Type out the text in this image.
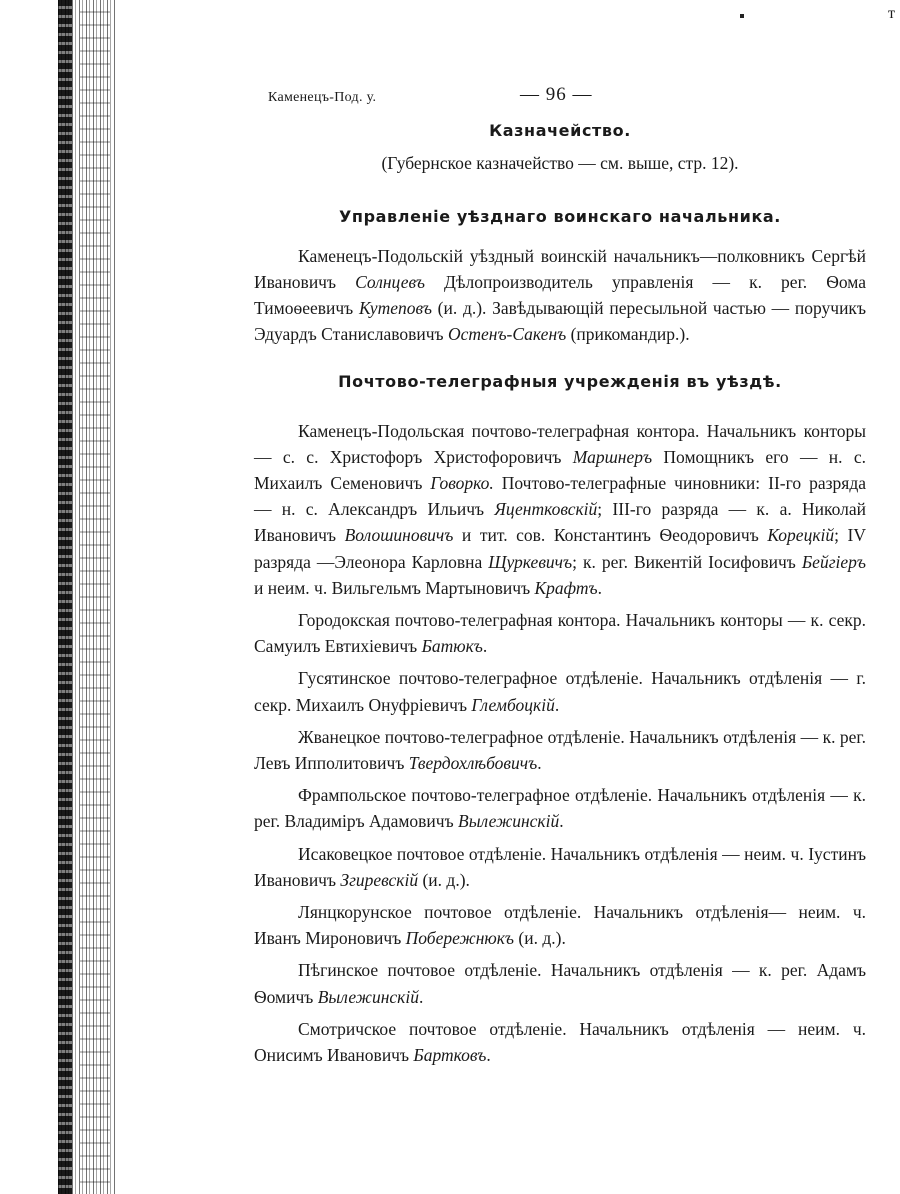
т
Каменецъ-Под. у.	— 96 —

Казначейство.

(Губернское казначейство — см. выше, стр. 12).

Управленіе уѣзднаго воинскаго начальника.

Каменецъ-Подольскій уѣздный воинскій начальникъ—полковникъ Сергѣй Ивановичъ Солнцевъ Дѣлопроизводитель управленія — к. рег. Ѳома Тимоѳеевичъ Кутеповъ (и. д.). Завѣдывающій пересыльной частью — поручикъ Эдуардъ Станиславовичъ Остенъ-Сакенъ (прикомандир.).

Почтово-телеграфныя учрежденія въ уѣздѣ.

Каменецъ-Подольская почтово-телеграфная контора. Начальникъ конторы — с. с. Христофоръ Христофоровичъ Маршнеръ Помощникъ его — н. с. Михаилъ Семеновичъ Говорко. Почтово-телеграфные чиновники: II-го разряда — н. с. Александръ Ильичъ Яцентковскій; III-го разряда — к. а. Николай Ивановичъ Волошиновичъ и тит. сов. Константинъ Ѳеодоровичъ Корецкій; IV разряда —Элеонора Карловна Щуркевичъ; к. рег. Викентій Іосифовичъ Бейгіеръ и неим. ч. Вильгельмъ Мартыновичъ Крафтъ.

Городокская почтово-телеграфная контора. Начальникъ конторы — к. секр. Самуилъ Евтихіевичъ Батюкъ.

Гусятинское почтово-телеграфное отдѣленіе. Начальникъ отдѣленія — г. секр. Михаилъ Онуфріевичъ Глембоцкій.

Жванецкое почтово-телеграфное отдѣленіе. Начальникъ отдѣленія — к. рег. Левъ Ипполитовичъ Твердохлѣбовичъ.

Фрампольское почтово-телеграфное отдѣленіе. Начальникъ отдѣленія — к. рег. Владиміръ Адамовичъ Вылежинскій.

Исаковецкое почтовое отдѣленіе. Начальникъ отдѣленія — неим. ч. Іустинъ Ивановичъ Згиревскій (и. д.).

Лянцкорунское почтовое отдѣленіе. Начальникъ отдѣленія— неим. ч. Иванъ Мироновичъ Побережнюкъ (и. д.).

Пѣгинское почтовое отдѣленіе. Начальникъ отдѣленія — к. рег. Адамъ Ѳомичъ Вылежинскій.

Смотричское почтовое отдѣленіе. Начальникъ отдѣленія — неим. ч. Онисимъ Ивановичъ Бартковъ.
